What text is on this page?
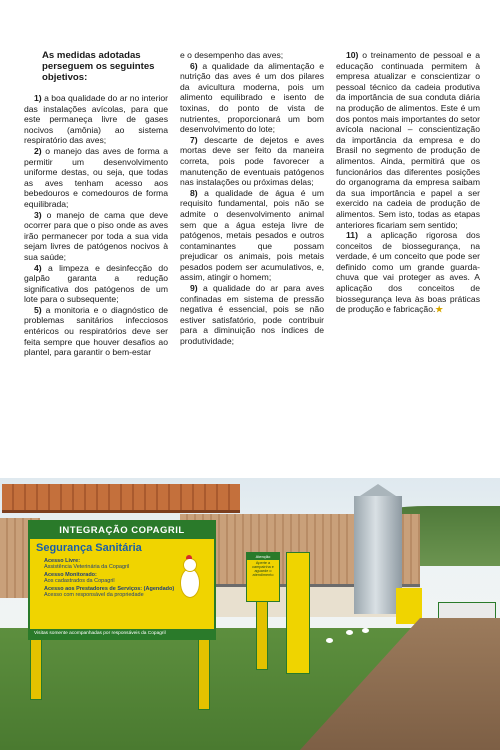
As medidas adotadas perseguem os seguintes objetivos:

1) a boa qualidade do ar no interior das instalações avícolas, para que este permaneça livre de gases nocivos (amônia) ao sistema respiratório das aves;

2) o manejo das aves de forma a permitir um desenvolvimento uniforme destas, ou seja, que todas as aves tenham acesso aos bebedouros e comedouros de forma equilibrada;

3) o manejo de cama que deve ocorrer para que o piso onde as aves irão permanecer por toda a sua vida sejam livres de patógenos nocivos à sua saúde;

4) a limpeza e desinfecção do galpão garanta a redução significativa dos patógenos de um lote para o subsequente;

5) a monitoria e o diagnóstico de problemas sanitários infecciosos entéricos ou respiratórios deve ser feita sempre que houver desafios ao plantel, para garantir o bem-estar

e o desempenho das aves;

6) a qualidade da alimentação e nutrição das aves é um dos pilares da avicultura moderna, pois um alimento equilibrado e isento de toxinas, do ponto de vista de nutrientes, proporcionará um bom desenvolvimento do lote;

7) descarte de dejetos e aves mortas deve ser feito da maneira correta, pois pode favorecer a manutenção de eventuais patógenos nas instalações ou próximas delas;

8) a qualidade de água é um requisito fundamental, pois não se admite o desenvolvimento animal sem que a água esteja livre de patógenos, metais pesados e outros contaminantes que possam prejudicar os animais, pois metais pesados podem ser acumulativos, e, assim, atingir o homem;

9) a qualidade do ar para aves confinadas em sistema de pressão negativa é essencial, pois se não estiver satisfatório, pode contribuir para a diminuição nos índices de produtividade;

10) o treinamento de pessoal e a educação continuada permitem à empresa atualizar e conscientizar o pessoal técnico da cadeia produtiva da importância de sua conduta diária na produção de alimentos. Este é um dos pontos mais importantes do setor avícola nacional – conscientização da importância da empresa e do Brasil no segmento de produção de alimentos. Ainda, permitirá que os funcionários das diferentes posições do organograma da empresa saibam da sua importância e papel a ser exercido na cadeia de produção de alimentos. Sem isto, todas as etapas anteriores ficariam sem sentido;

11) a aplicação rigorosa dos conceitos de biossegurança, na verdade, é um conceito que pode ser definido como um grande guarda-chuva que vai proteger as aves. A aplicação dos conceitos de biossegurança leva às boas práticas de produção e fabricação.★

INTEGRAÇÃO COPAGRIL
Segurança Sanitária
Acesso Livre:
Assistência Veterinária da Copagril
Acesso Monitorado:
Aos cadastrados da Copagril
Acesso aos Prestadores de Serviços: (Agendado)
Acesso com responsável da propriedade
Visitas somente acompanhadas por responsáveis da Copagril
Atenção
Aperte a campainha e aguarde o atendimento
